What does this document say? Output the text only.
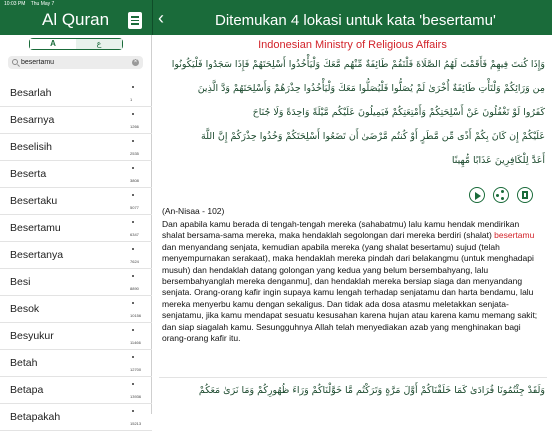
10:03 PM Thu May 7
Al Quran	‹	Ditemukan 4 lokasi untuk kata 'besertamu'
A	ع
besertamu
×
Besarlah
1
Besarnya
1266
Beselisih
2535
Beserta
3808
Besertaku
5077
Besertamu
6347
Besertanya
7624
Besi
8890
Besok
10156
Besyukur
11466
Betah
12700
Betapa
13936
Betapakah
15213
Indonesian Ministry of Religious Affairs
وَإِذَا كُنتَ فِيهِمْ فَأَقَمْتَ لَهُمُ الصَّلَاةَ فَلْتَقُمْ طَائِفَةٌ مِّنْهُم مَّعَكَ وَلْيَأْخُذُوا أَسْلِحَتَهُمْ فَإِذَا سَجَدُوا فَلْيَكُونُوا
مِن وَرَائِكُمْ وَلْتَأْتِ طَائِفَةٌ أُخْرَىٰ لَمْ يُصَلُّوا فَلْيُصَلُّوا مَعَكَ وَلْيَأْخُذُوا حِذْرَهُمْ وَأَسْلِحَتَهُمْ وَدَّ الَّذِينَ
كَفَرُوا لَوْ تَغْفُلُونَ عَنْ أَسْلِحَتِكُمْ وَأَمْتِعَتِكُمْ فَيَمِيلُونَ عَلَيْكُم مَّيْلَةً وَاحِدَةً وَلَا جُنَاحَ
عَلَيْكُمْ إِن كَانَ بِكُمْ أَذًى مِّن مَّطَرٍ أَوْ كُنتُم مَّرْضَىٰ أَن تَضَعُوا أَسْلِحَتَكُمْ وَخُذُوا حِذْرَكُمْ إِنَّ اللَّهَ
أَعَدَّ لِلْكَافِرِينَ عَذَابًا مُّهِينًا
(An-Nisaa - 102)
Dan apabila kamu berada di tengah-tengah mereka (sahabatmu) lalu kamu hendak mendirikan shalat bersama-sama mereka, maka hendaklah segolongan dari mereka berdiri (shalat) besertamu dan menyandang senjata, kemudian apabila mereka (yang shalat besertamu) sujud (telah menyempurnakan serakaat), maka hendaklah mereka pindah dari belakangmu (untuk menghadapi musuh) dan hendaklah datang golongan yang kedua yang belum bersembahyang, lalu bersembahyanglah mereka denganmu], dan hendaklah mereka bersiap siaga dan menyandang senjata. Orang-orang kafir ingin supaya kamu lengah terhadap senjatamu dan harta bendamu, lalu mereka menyerbu kamu dengan sekaligus. Dan tidak ada dosa atasmu meletakkan senjata-senjatamu, jika kamu mendapat sesuatu kesusahan karena hujan atau karena kamu memang sakit; dan siap siagalah kamu. Sesungguhnya Allah telah menyediakan azab yang menghinakan bagi orang-orang kafir itu.
وَلَقَدْ جِئْتُمُونَا فُرَادَىٰ كَمَا خَلَقْنَاكُمْ أَوَّلَ مَرَّةٍ وَتَرَكْتُم مَّا خَوَّلْنَاكُمْ وَرَاءَ ظُهُورِكُمْ وَمَا نَرَىٰ مَعَكُمْ
